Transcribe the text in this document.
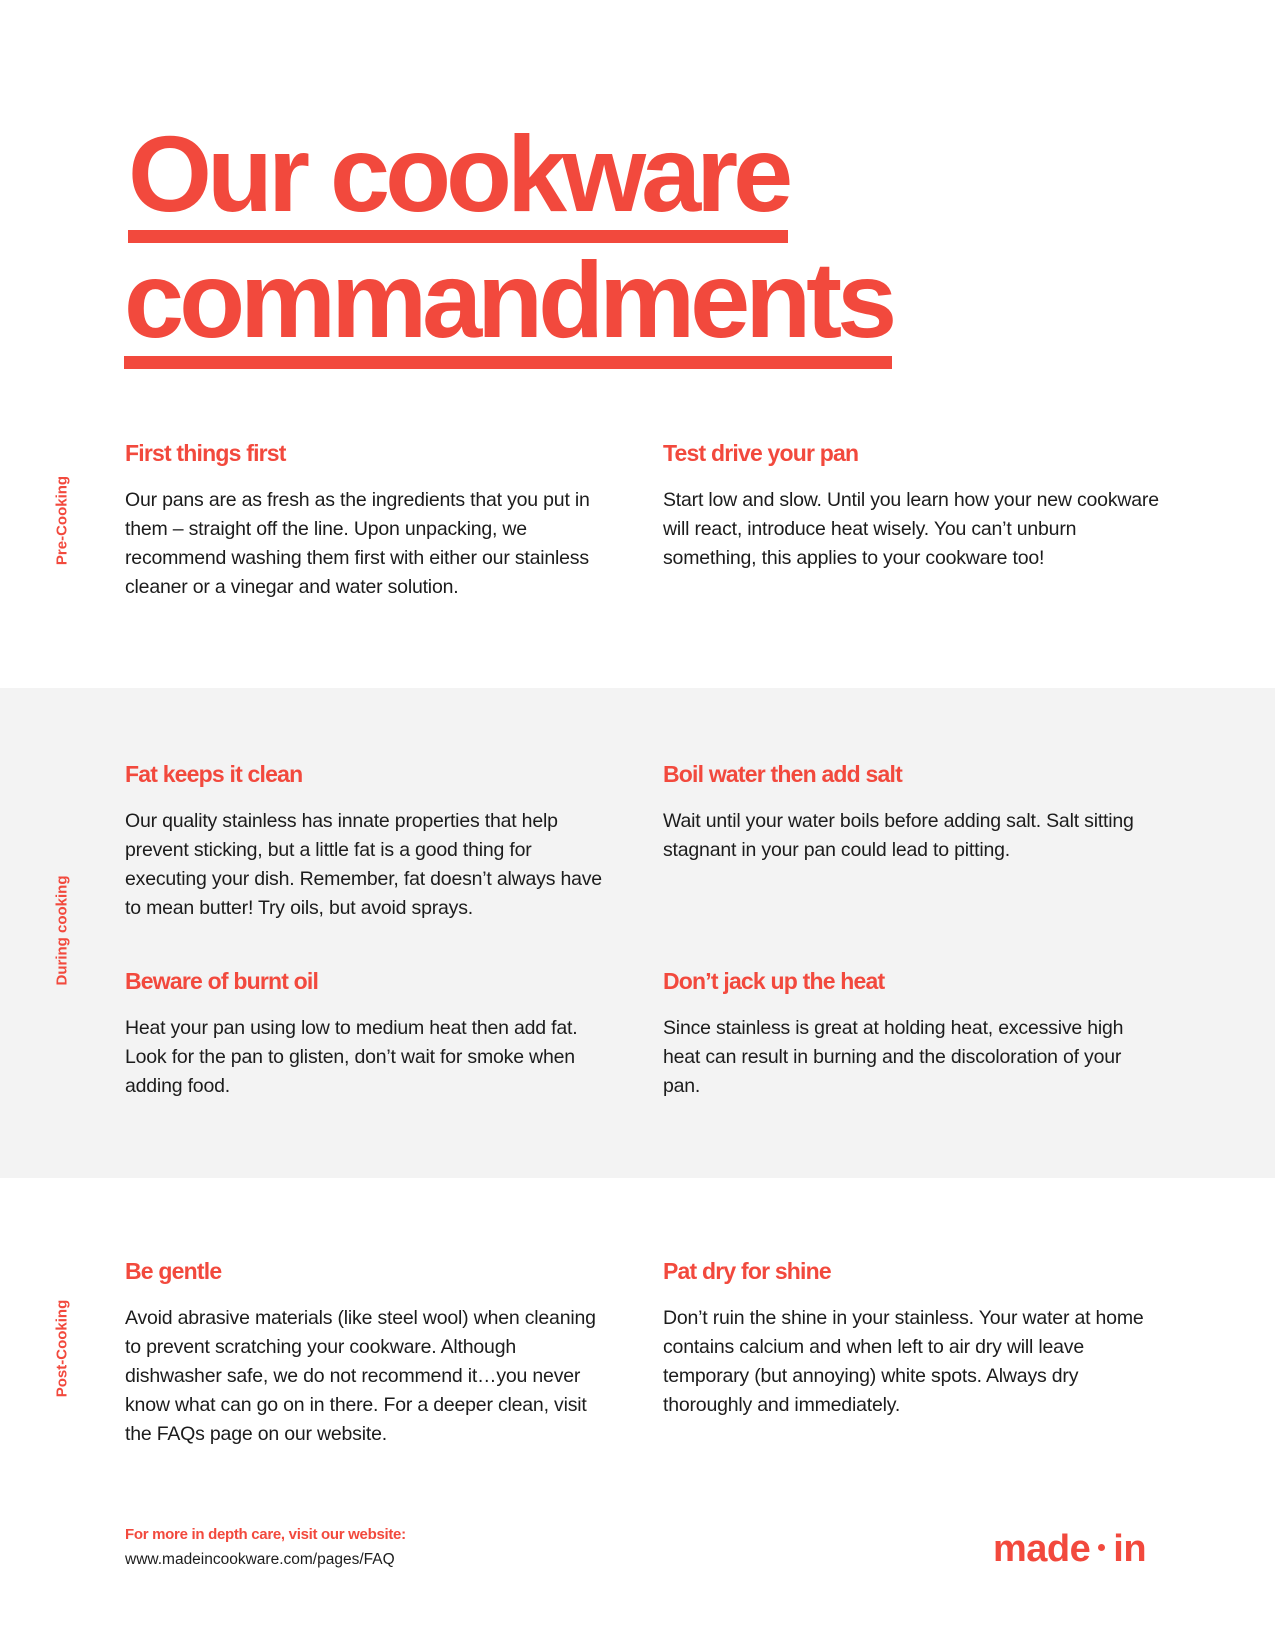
Our cookware
commandments
Pre-Cooking
First things first

Our pans are as fresh as the ingredients that you put in them – straight off the line. Upon unpacking, we recommend washing them first with either our stainless cleaner or a vinegar and water solution.

Test drive your pan

Start low and slow. Until you learn how your new cookware will react, introduce heat wisely. You can’t unburn something, this applies to your cookware too!

During cooking
Fat keeps it clean

Our quality stainless has innate properties that help prevent sticking, but a little fat is a good thing for executing your dish. Remember, fat doesn’t always have to mean butter! Try oils, but avoid sprays.

Boil water then add salt

Wait until your water boils before adding salt. Salt sitting stagnant in your pan could lead to pitting.

Beware of burnt oil

Heat your pan using low to medium heat then add fat. Look for the pan to glisten, don’t wait for smoke when adding food.

Don’t jack up the heat

Since stainless is great at holding heat, excessive high heat can result in burning and the discoloration of your pan.

Post-Cooking
Be gentle

Avoid abrasive materials (like steel wool) when cleaning to prevent scratching your cookware. Although dishwasher safe, we do not recommend it…you never know what can go on in there. For a deeper clean, visit the FAQs page on our website.

Pat dry for shine

Don’t ruin the shine in your stainless. Your water at home contains calcium and when left to air dry will leave temporary (but annoying) white spots. Always dry thoroughly and immediately.

For more in depth care, visit our website:
www.madeincookware.com/pages/FAQ	made in
